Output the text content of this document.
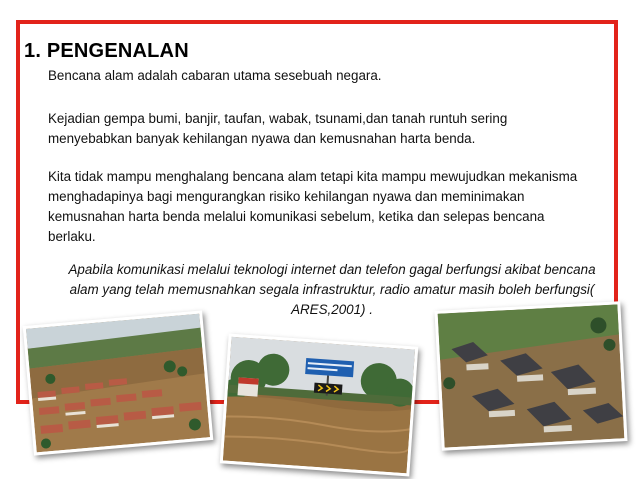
1. PENGENALAN

Bencana alam adalah cabaran utama sesebuah negara.

Kejadian gempa bumi, banjir, taufan, wabak, tsunami,dan tanah runtuh sering menyebabkan banyak kehilangan nyawa dan kemusnahan harta benda.

Kita tidak mampu menghalang bencana alam tetapi kita mampu mewujudkan mekanisma menghadapinya bagi mengurangkan risiko kehilangan nyawa dan meminimakan kemusnahan harta benda melalui komunikasi sebelum, ketika dan selepas bencana berlaku.

Apabila komunikasi melalui teknologi internet dan telefon gagal berfungsi akibat bencana alam yang telah memusnahkan segala infrastruktur, radio amatur masih boleh berfungsi( ARES,2001) .
